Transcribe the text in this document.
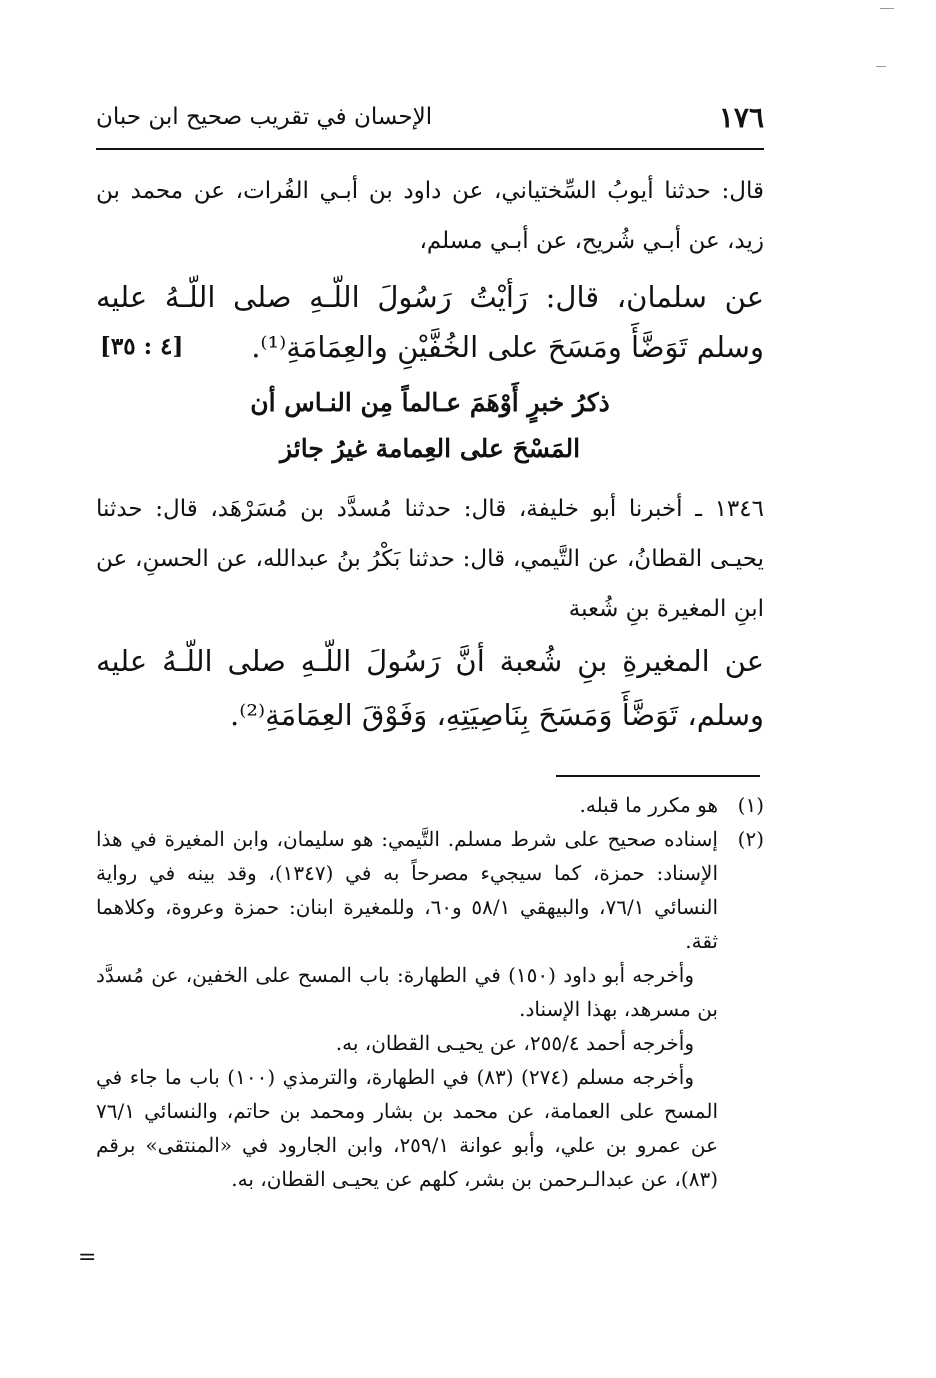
١٧٦
الإحسان في تقريب صحيح ابن حبان

قال: حدثنا أيوبُ السِّختياني، عن داود بن أبـي الفُرات، عن محمد بن زيد، عن أبـي شُريح، عن أبـي مسلم،

عن سلمان، قال: رَأيْتُ رَسُولَ اللّـهِ صلى اللّـهُ عليه وسلم تَوَضَّأَ ومَسَحَ على الخُفَّيْنِ والعِمَامَةِ⁽¹⁾.

[٤ : ٣٥]
ذكرُ خبرٍ أَوْهَمَ عـالماً مِن النـاس أن
المَسْحَ على العِمامة غيرُ جائز

١٣٤٦ ـ أخبرنا أبو خليفة، قال: حدثنا مُسدَّد بن مُسَرْهَد، قال: حدثنا يحيـى القطانُ، عن التَّيمي، قال: حدثنا بَكْرُ بنُ عبدالله، عن الحسنِ، عن ابنِ المغيرة بنِ شُعبة

عن المغيرةِ بنِ شُعبة أنَّ رَسُولَ اللّـهِ صلى اللّـهُ عليه وسلم، تَوَضَّأَ وَمَسَحَ بِنَاصِيَتِهِ، وَفَوْقَ العِمَامَةِ⁽²⁾.

(١)
هو مكرر ما قبله.
(٢)
إسناده صحيح على شرط مسلم. التَّيمي: هو سليمان، وابن المغيرة في هذا الإسناد: حمزة، كما سيجيء مصرحاً به في (١٣٤٧)، وقد بينه في رواية النسائي ٧٦/١، والبيهقي ٥٨/١ و٦٠، وللمغيرة ابنان: حمزة وعروة، وكلاهما ثقة.
وأخرجه أبو داود (١٥٠) في الطهارة: باب المسح على الخفين، عن مُسدَّد بن مسرهد، بهذا الإسناد.
وأخرجه أحمد ٢٥٥/٤، عن يحيـى القطان، به.
وأخرجه مسلم (٢٧٤) (٨٣) في الطهارة، والترمذي (١٠٠) باب ما جاء في المسح على العمامة، عن محمد بن بشار ومحمد بن حاتم، والنسائي ٧٦/١ عن عمرو بن علي، وأبو عوانة ٢٥٩/١، وابن الجارود في «المنتقى» برقم (٨٣)، عن عبدالـرحمن بن بشر، كلهم عن يحيـى القطان، به.
=
